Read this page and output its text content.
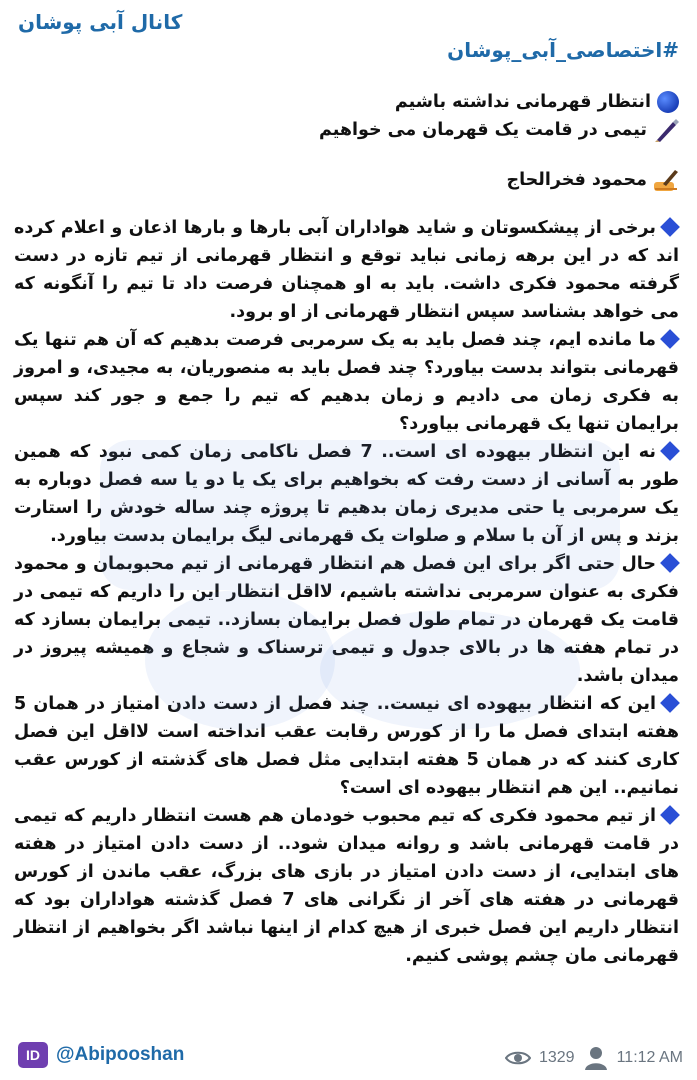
کانال آبی پوشان
#اختصاصی_آبی_پوشان

انتظار قهرمانی نداشته باشیم

تیمی در قامت یک قهرمان می خواهیم

محمود فخرالحاج

برخی از پیشکسوتان و شاید هواداران آبی بارها و بارها اذعان و اعلام کرده اند که در این برهه زمانی نباید توقع و انتظار قهرمانی از تیم تازه در دست گرفته محمود فکری داشت. باید به او همچنان فرصت داد تا تیم را آنگونه که می خواهد بشناسد سپس انتظار قهرمانی از او برود.

ما مانده ایم، چند فصل باید به یک سرمربی فرصت بدهیم که آن هم تنها یک قهرمانی بتواند بدست بیاورد؟ چند فصل باید به منصوریان، به مجیدی، و امروز به فکری زمان می دادیم و زمان بدهیم که تیم را جمع و جور کند سپس برایمان تنها یک قهرمانی بیاورد؟

نه این انتظار بیهوده ای است.. 7 فصل ناکامی زمان کمی نبود که همین طور به آسانی از دست رفت که بخواهیم برای یک یا دو یا سه فصل دوباره به یک سرمربی یا حتی مدیری زمان بدهیم تا پروژه چند ساله خودش را استارت بزند و پس از آن با سلام و صلوات یک قهرمانی لیگ برایمان بدست بیاورد.

حال حتی اگر برای این فصل هم انتظار قهرمانی از تیم محبوبمان و محمود فکری به عنوان سرمربی نداشته باشیم، لااقل انتظار این را داریم که تیمی در قامت یک قهرمان در تمام طول فصل برایمان بسازد.. تیمی برایمان بسازد که در تمام هفته ها در بالای جدول و تیمی ترسناک و شجاع و همیشه پیروز در میدان باشد.

این که انتظار بیهوده ای نیست.. چند فصل از دست دادن امتیاز در همان 5 هفته ابتدای فصل ما را از کورس رقابت عقب انداخته است لااقل این فصل کاری کنند که در همان 5 هفته ابتدایی مثل فصل های گذشته از کورس عقب نمانیم.. این هم انتظار بیهوده ای است؟

از تیم محمود فکری که تیم محبوب خودمان هم هست انتظار داریم که تیمی در قامت قهرمانی باشد و روانه میدان شود.. از دست دادن امتیاز در هفته های ابتدایی، از دست دادن امتیاز در بازی های بزرگ، عقب ماندن از کورس قهرمانی در هفته های آخر از نگرانی های 7 فصل گذشته هواداران بود که انتظار داریم این فصل خبری از هیچ کدام از اینها نباشد اگر بخواهیم از انتظار قهرمانی مان چشم پوشی کنیم.

ID @Abipooshan	1329	11:12 AM
